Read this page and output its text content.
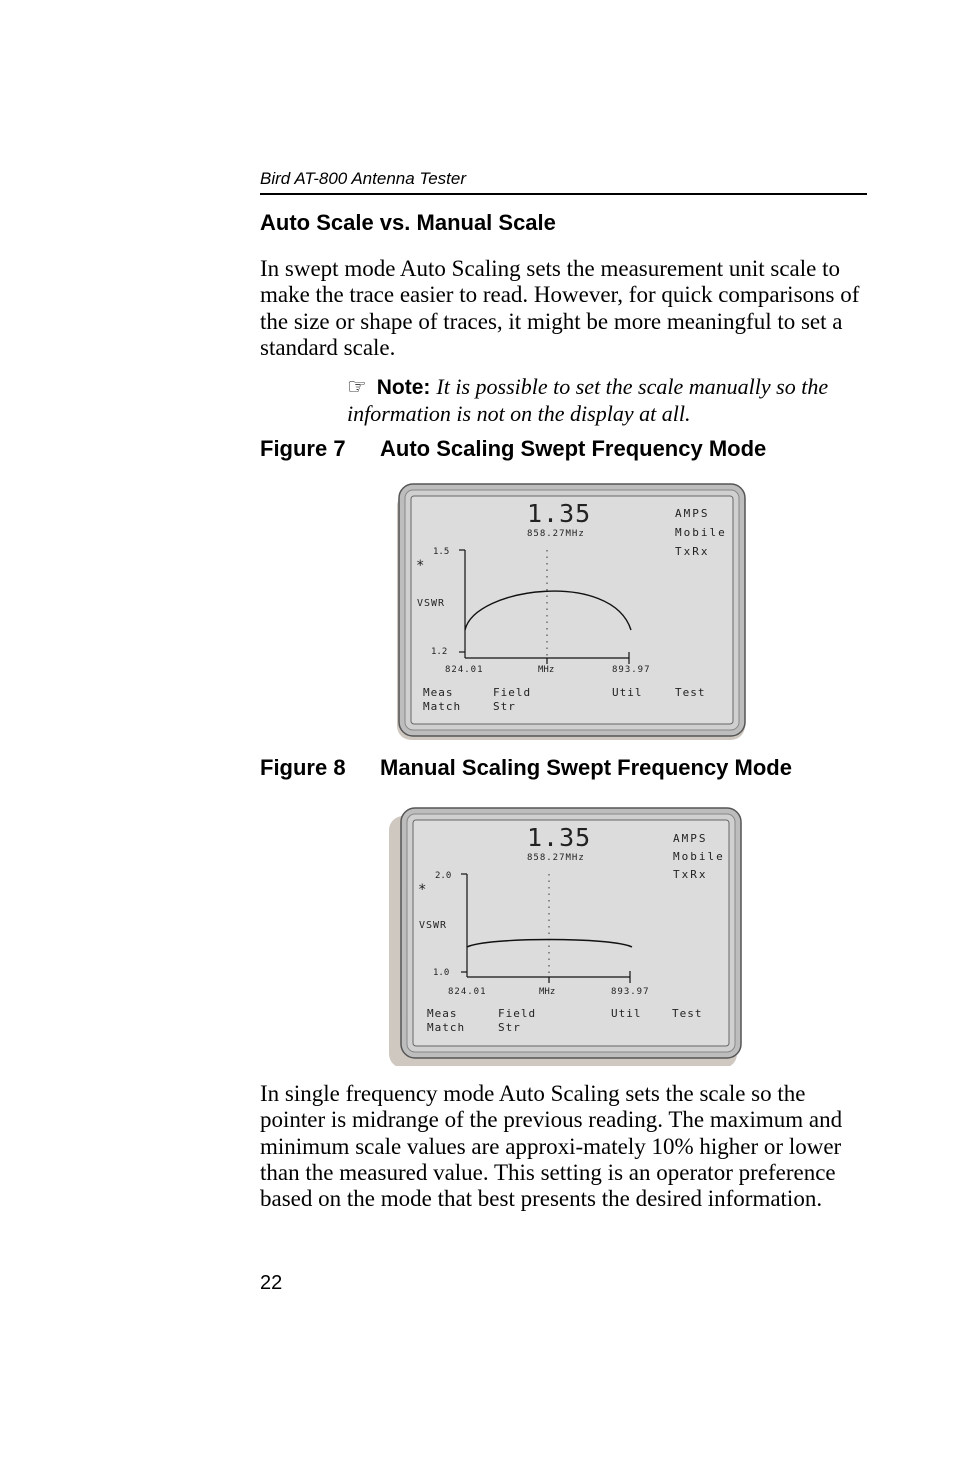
Bird AT-800 Antenna Tester
Auto Scale vs. Manual Scale
In swept mode Auto Scaling sets the measurement unit scale to make the trace easier to read. However, for quick comparisons of the size or shape of traces, it might be more meaningful to set a standard scale.
☞ Note: It is possible to set the scale manually so the information is not on the display at all.
Figure 7 Auto Scaling Swept Frequency Mode
1.35
858.27MHz
AMPS
Mobile
TxRx
1.5
*
VSWR
1.2
824.01	MHz	893.97
Meas
Match
Field
Str
Util	Test
Figure 8 Manual Scaling Swept Frequency Mode
1.35
858.27MHz
AMPS
Mobile
TxRx
2.0
*
VSWR
1.0
824.01	MHz	893.97
Meas
Match
Field
Str
Util	Test
In single frequency mode Auto Scaling sets the scale so the pointer is midrange of the previous reading. The maximum and minimum scale values are approxi-mately 10% higher or lower than the measured value. This setting is an operator preference based on the mode that best presents the desired information.
22
